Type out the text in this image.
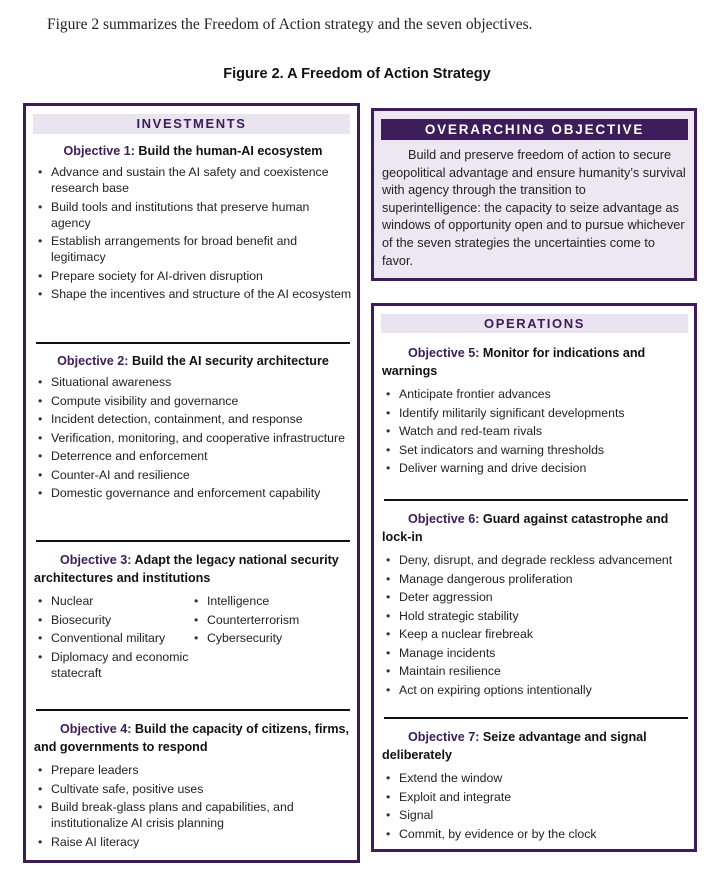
Figure 2 summarizes the Freedom of Action strategy and the seven objectives.
Figure 2. A Freedom of Action Strategy
INVESTMENTS
Objective 1: Build the human-AI ecosystem
• Advance and sustain the AI safety and coexistence research base
• Build tools and institutions that preserve human agency
• Establish arrangements for broad benefit and legitimacy
• Prepare society for AI-driven disruption
• Shape the incentives and structure of the AI ecosystem
Objective 2: Build the AI security architecture
• Situational awareness
• Compute visibility and governance
• Incident detection, containment, and response
• Verification, monitoring, and cooperative infrastructure
• Deterrence and enforcement
• Counter-AI and resilience
• Domestic governance and enforcement capability
Objective 3: Adapt the legacy national security architectures and institutions
• Nuclear
• Biosecurity
• Conventional military
• Diplomacy and economic statecraft
• Intelligence
• Counterterrorism
• Cybersecurity
Objective 4: Build the capacity of citizens, firms, and governments to respond
• Prepare leaders
• Cultivate safe, positive uses
• Build break-glass plans and capabilities, and institutionalize AI crisis planning
• Raise AI literacy
OVERARCHING OBJECTIVE
Build and preserve freedom of action to secure geopolitical advantage and ensure humanity’s survival with agency through the transition to superintelligence: the capacity to seize advantage as windows of opportunity open and to pursue whichever of the seven strategies the uncertainties come to favor.
OPERATIONS
Objective 5: Monitor for indications and warnings
• Anticipate frontier advances
• Identify militarily significant developments
• Watch and red-team rivals
• Set indicators and warning thresholds
• Deliver warning and drive decision
Objective 6: Guard against catastrophe and lock-in
• Deny, disrupt, and degrade reckless advancement
• Manage dangerous proliferation
• Deter aggression
• Hold strategic stability
• Keep a nuclear firebreak
• Manage incidents
• Maintain resilience
• Act on expiring options intentionally
Objective 7: Seize advantage and signal deliberately
• Extend the window
• Exploit and integrate
• Signal
• Commit, by evidence or by the clock
